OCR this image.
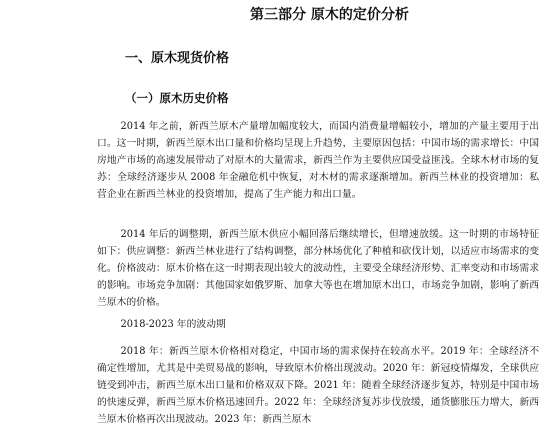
第三部分 原木的定价分析
一、原木现货价格
（一）原木历史价格

2014 年之前，新西兰原木产量增加幅度较大，而国内消费量增幅较小，增加的产量主要用于出口。这一时期，新西兰原木出口量和价格均呈现上升趋势，主要原因包括：中国市场的需求增长：中国房地产市场的高速发展带动了对原木的大量需求，新西兰作为主要供应国受益匪浅。全球木材市场的复苏：全球经济逐步从 2008 年金融危机中恢复，对木材的需求逐渐增加。新西兰林业的投资增加：私营企业在新西兰林业的投资增加，提高了生产能力和出口量。

2014 年后的调整期，新西兰原木供应小幅回落后继续增长，但增速放缓。这一时期的市场特征如下：供应调整：新西兰林业进行了结构调整，部分林场优化了种植和砍伐计划，以适应市场需求的变化。价格波动：原木价格在这一时期表现出较大的波动性，主要受全球经济形势、汇率变动和市场需求的影响。市场竞争加剧：其他国家如俄罗斯、加拿大等也在增加原木出口，市场竞争加剧，影响了新西兰原木的价格。

2018-2023 年的波动期

2018 年：新西兰原木价格相对稳定，中国市场的需求保持在较高水平。2019 年：全球经济不确定性增加，尤其是中美贸易战的影响，导致原木价格出现波动。2020 年：新冠疫情爆发，全球供应链受到冲击，新西兰原木出口量和价格双双下降。2021 年：随着全球经济逐步复苏，特别是中国市场的快速反弹，新西兰原木价格迅速回升。2022 年：全球经济复苏步伐放缓，通货膨胀压力增大，新西兰原木价格再次出现波动。2023 年：新西兰原木
